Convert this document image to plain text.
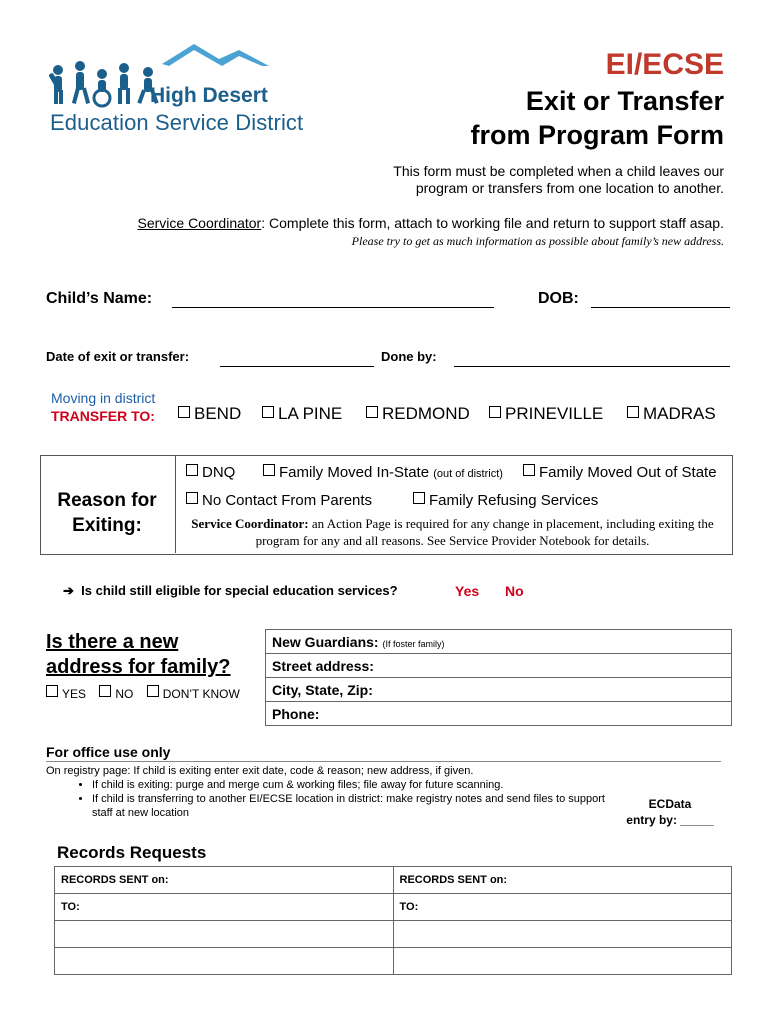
High Desert
Education Service District
EI/ECSE
Exit or Transfer
from Program Form
This form must be completed when a child leaves our program or transfers from one location to another.
Service Coordinator: Complete this form, attach to working file and return to support staff asap.
Please try to get as much information as possible about family’s new address.
Child’s Name:	DOB:
Date of exit or transfer:	Done by:
Moving in district
TRANSFER TO:	BEND	LA PINE	REDMOND	PRINEVILLE	MADRAS
Reason for
Exiting:
DNQ	Family Moved In-State (out of district)	Family Moved Out of State
No Contact From Parents	Family Refusing Services
Service Coordinator: an Action Page is required for any change in placement, including exiting the program for any and all reasons. See Service Provider Notebook for details.
➔ Is child still eligible for special education services?	Yes No
Is there a new
address for family?
YES NO DON’T KNOW
New Guardians: (If foster family)
Street address:
City, State, Zip:
Phone:
For office use only
On registry page: If child is exiting enter exit date, code & reason; new address, if given.
• If child is exiting: purge and merge cum & working files; file away for future scanning.
• If child is transferring to another EI/ECSE location in district: make registry notes and send files to support staff at new location
ECData
entry by: _____
Records Requests
RECORDS SENT on:	RECORDS SENT on:
TO:	TO:
